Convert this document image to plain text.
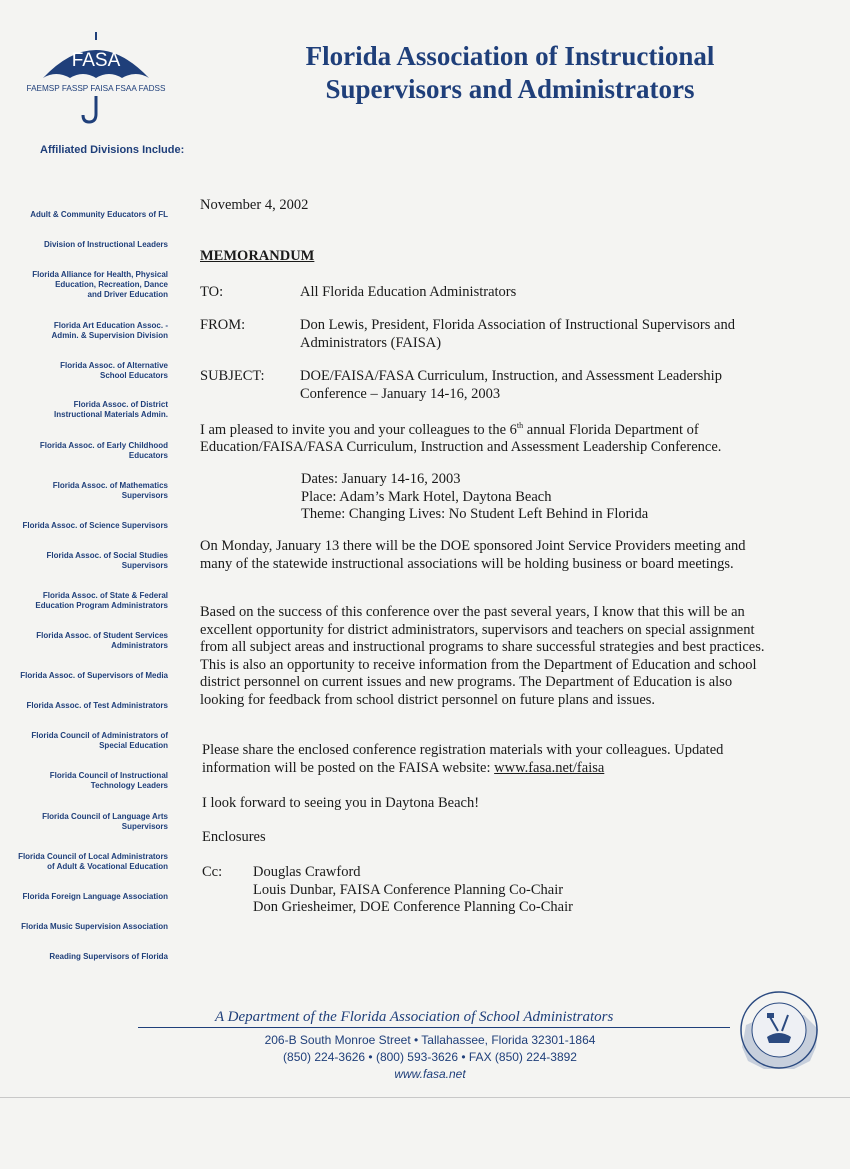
FASA
FAEMSP FASSP FAISA FSAA FADSS
Florida Association of Instructional
Supervisors and Administrators
Affiliated Divisions Include:
Adult & Community Educators of FL
Division of Instructional Leaders
Florida Alliance for Health, Physical
Education, Recreation, Dance
and Driver Education
Florida Art Education Assoc. -
Admin. & Supervision Division
Florida Assoc. of Alternative
School Educators
Florida Assoc. of District
Instructional Materials Admin.
Florida Assoc. of Early Childhood
Educators
Florida Assoc. of Mathematics
Supervisors
Florida Assoc. of Science Supervisors
Florida Assoc. of Social Studies
Supervisors
Florida Assoc. of State & Federal
Education Program Administrators
Florida Assoc. of Student Services
Administrators
Florida Assoc. of Supervisors of Media
Florida Assoc. of Test Administrators
Florida Council of Administrators of
Special Education
Florida Council of Instructional
Technology Leaders
Florida Council of Language Arts
Supervisors
Florida Council of Local Administrators
of Adult & Vocational Education
Florida Foreign Language Association
Florida Music Supervision Association
Reading Supervisors of Florida
November 4, 2002
MEMORANDUM
TO:	All Florida Education Administrators
FROM:	Don Lewis, President, Florida Association of Instructional Supervisors and Administrators (FAISA)
SUBJECT: DOE/FAISA/FASA Curriculum, Instruction, and Assessment Leadership Conference – January 14-16, 2003
I am pleased to invite you and your colleagues to the 6th annual Florida Department of Education/FAISA/FASA Curriculum, Instruction and Assessment Leadership Conference.
Dates: January 14-16, 2003
Place: Adam’s Mark Hotel, Daytona Beach
Theme: Changing Lives: No Student Left Behind in Florida
On Monday, January 13 there will be the DOE sponsored Joint Service Providers meeting and many of the statewide instructional associations will be holding business or board meetings.
Based on the success of this conference over the past several years, I know that this will be an excellent opportunity for district administrators, supervisors and teachers on special assignment from all subject areas and instructional programs to share successful strategies and best practices. This is also an opportunity to receive information from the Department of Education and school district personnel on current issues and new programs. The Department of Education is also looking for feedback from school district personnel on future plans and issues.
Please share the enclosed conference registration materials with your colleagues. Updated information will be posted on the FAISA website: www.fasa.net/faisa
I look forward to seeing you in Daytona Beach!
Enclosures
Cc: Douglas Crawford
Louis Dunbar, FAISA Conference Planning Co-Chair
Don Griesheimer, DOE Conference Planning Co-Chair
A Department of the Florida Association of School Administrators
206-B South Monroe Street • Tallahassee, Florida 32301-1864
(850) 224-3626 • (800) 593-3626 • FAX (850) 224-3892
www.fasa.net
